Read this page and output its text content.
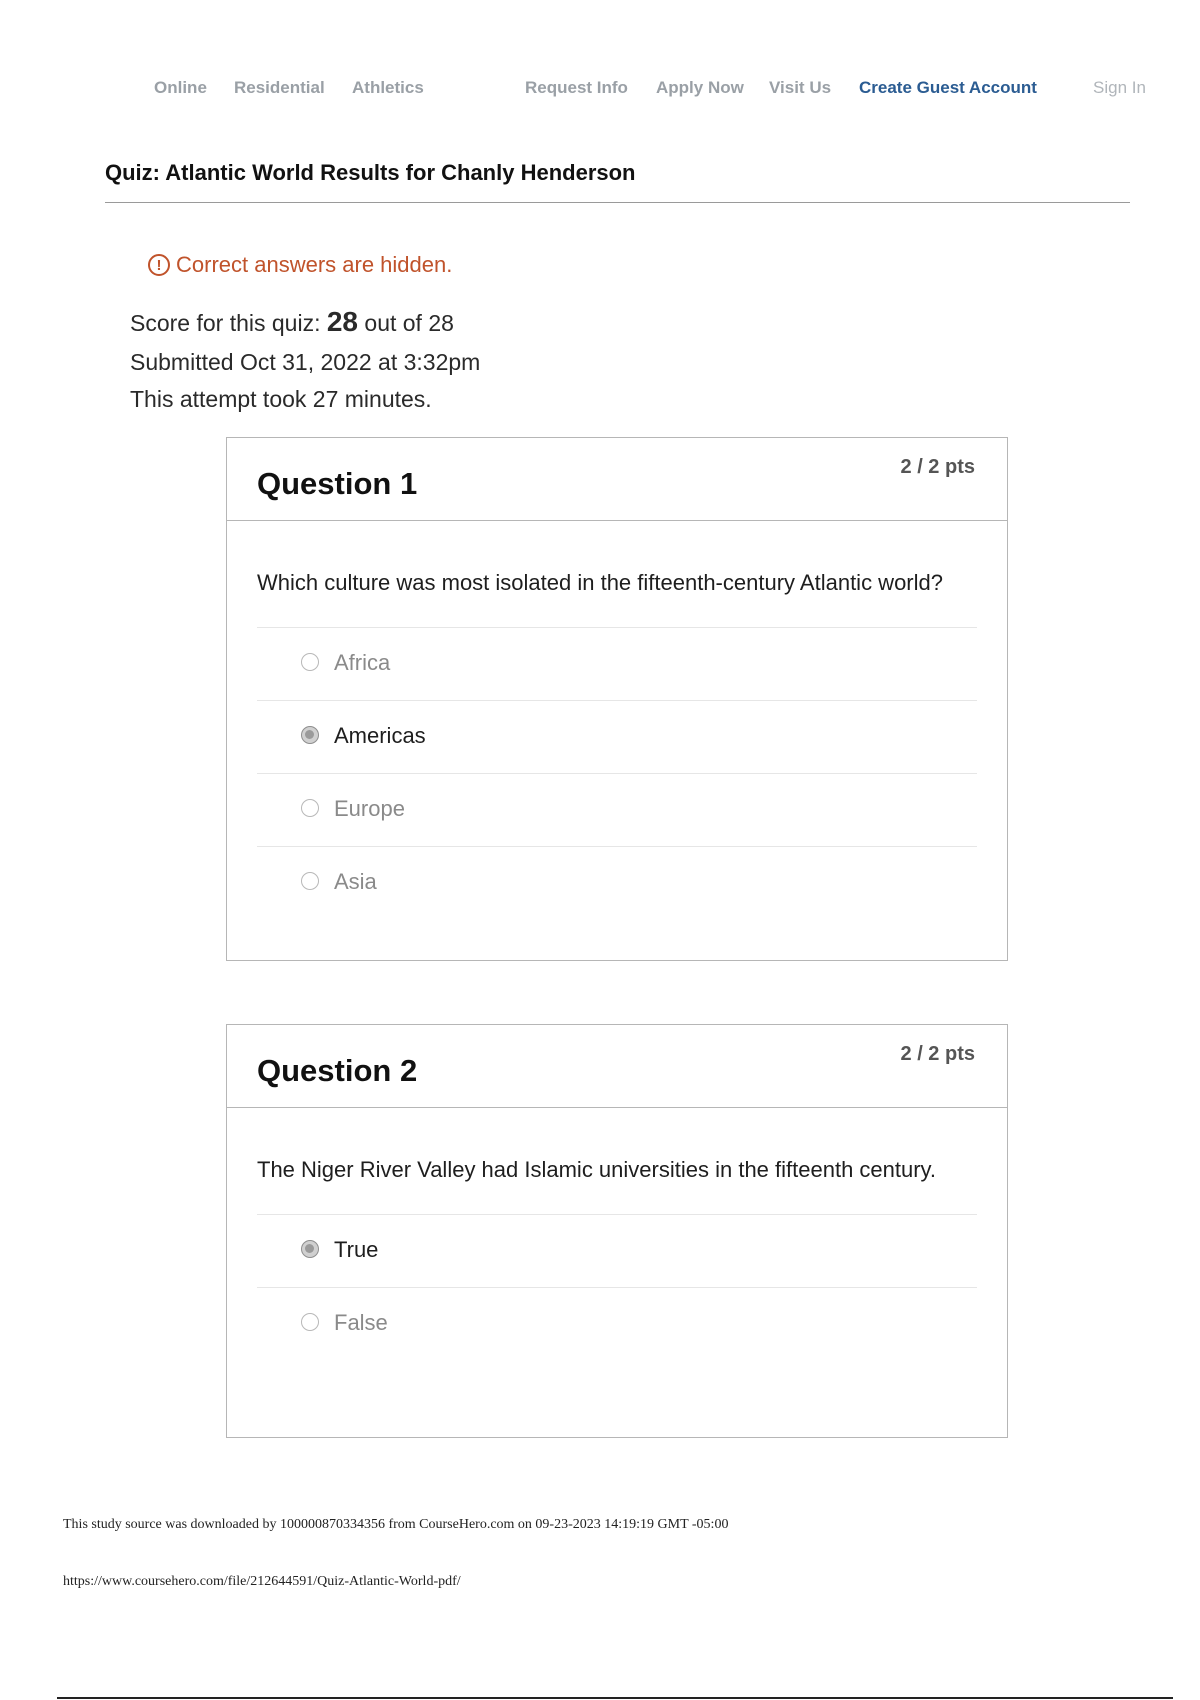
Online Residential Athletics	Request Info Apply Now Visit Us Create Guest Account	Sign In
Quiz: Atlantic World Results for Chanly Henderson
! Correct answers are hidden.
Score for this quiz: 28 out of 28
Submitted Oct 31, 2022 at 3:32pm
This attempt took 27 minutes.
Question 1	2 / 2 pts
Which culture was most isolated in the fifteenth-century Atlantic world?
Africa
Americas
Europe
Asia
Question 2	2 / 2 pts
The Niger River Valley had Islamic universities in the fifteenth century.
True
False
This study source was downloaded by 100000870334356 from CourseHero.com on 09-23-2023 14:19:19 GMT -05:00
https://www.coursehero.com/file/212644591/Quiz-Atlantic-World-pdf/
